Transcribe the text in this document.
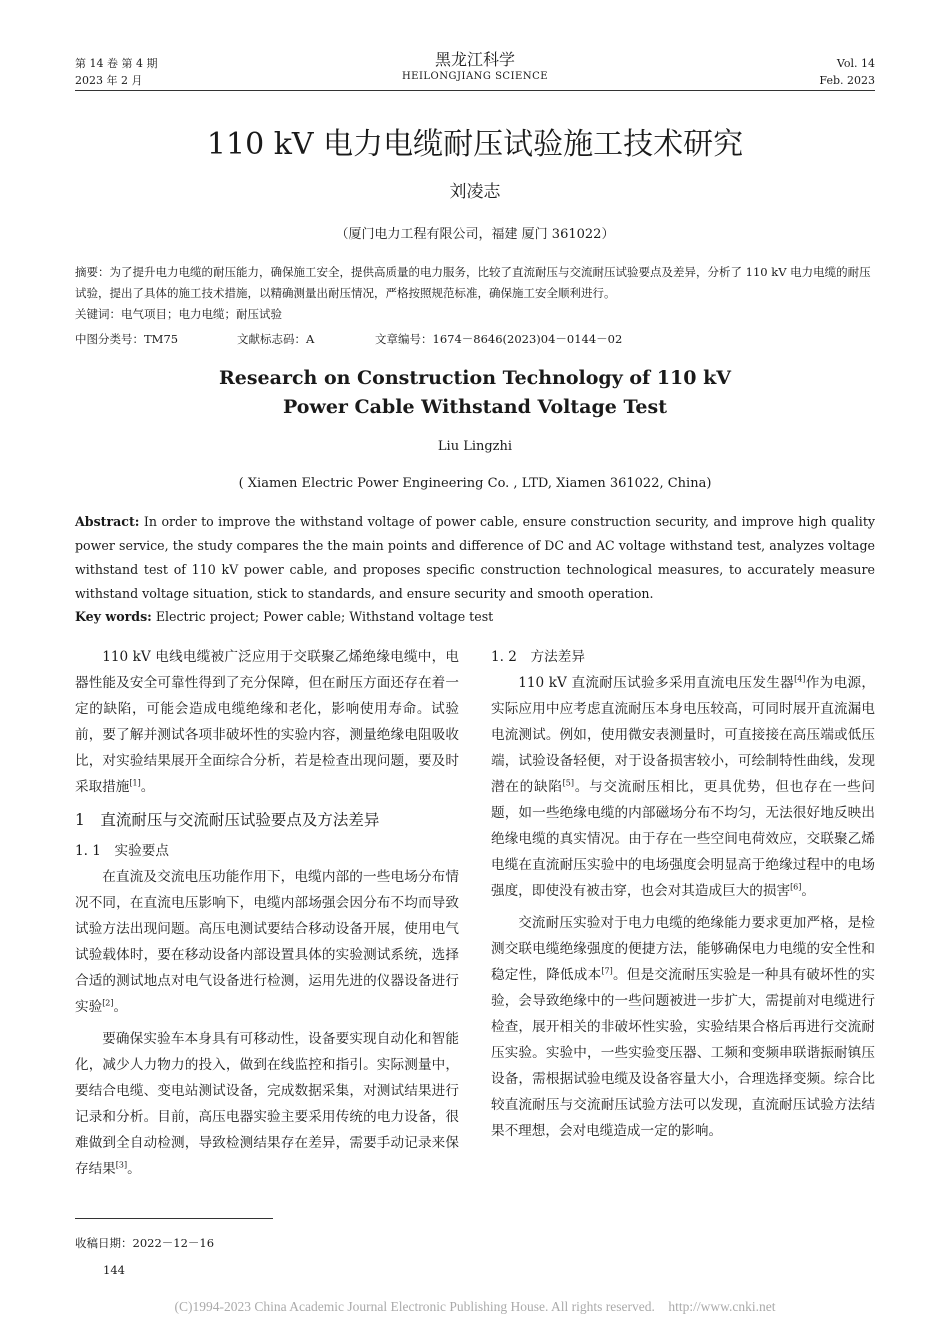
第 14 卷 第 4 期
2023 年 2 月
黑龙江科学
HEILONGJIANG SCIENCE
Vol. 14
Feb. 2023
110 kV 电力电缆耐压试验施工技术研究
刘凌志
（厦门电力工程有限公司，福建 厦门 361022）

摘要：为了提升电力电缆的耐压能力，确保施工安全，提供高质量的电力服务，比较了直流耐压与交流耐压试验要点及差异，分析了 110 kV 电力电缆的耐压试验，提出了具体的施工技术措施，以精确测量出耐压情况，严格按照规范标准，确保施工安全顺利进行。

关键词：电气项目；电力电缆；耐压试验

中图分类号：TM75	文献标志码：A	文章编号：1674－8646(2023)04－0144－02
Research on Construction Technology of 110 kV
Power Cable Withstand Voltage Test
Liu Lingzhi
( Xiamen Electric Power Engineering Co. , LTD, Xiamen 361022, China)
Abstract: In order to improve the withstand voltage of power cable, ensure construction security, and improve high quality power service, the study compares the the main points and difference of DC and AC voltage withstand test, analyzes voltage withstand test of 110 kV power cable, and proposes specific construction technological measures, to accurately measure withstand voltage situation, stick to standards, and ensure security and smooth operation.
Key words: Electric project; Power cable; Withstand voltage test

110 kV 电线电缆被广泛应用于交联聚乙烯绝缘电缆中，电器性能及安全可靠性得到了充分保障，但在耐压方面还存在着一定的缺陷，可能会造成电缆绝缘和老化，影响使用寿命。试验前，要了解并测试各项非破坏性的实验内容，测量绝缘电阻吸收比，对实验结果展开全面综合分析，若是检查出现问题，要及时采取措施[1]。

1　直流耐压与交流耐压试验要点及方法差异

1. 1　实验要点

在直流及交流电压功能作用下，电缆内部的一些电场分布情况不同，在直流电压影响下，电缆内部场强会因分布不均而导致试验方法出现问题。高压电测试要结合移动设备开展，使用电气试验载体时，要在移动设备内部设置具体的实验测试系统，选择合适的测试地点对电气设备进行检测，运用先进的仪器设备进行实验[2]。

要确保实验车本身具有可移动性，设备要实现自动化和智能化，减少人力物力的投入，做到在线监控和指引。实际测量中，要结合电缆、变电站测试设备，完成数据采集，对测试结果进行记录和分析。目前，高压电器实验主要采用传统的电力设备，很难做到全自动检测，导致检测结果存在差异，需要手动记录来保存结果[3]。

1. 2　方法差异

110 kV 直流耐压试验多采用直流电压发生器[4]作为电源，实际应用中应考虑直流耐压本身电压较高，可同时展开直流漏电电流测试。例如，使用微安表测量时，可直接接在高压端或低压端，试验设备轻便，对于设备损害较小，可绘制特性曲线，发现潜在的缺陷[5]。与交流耐压相比，更具优势，但也存在一些问题，如一些绝缘电缆的内部磁场分布不均匀，无法很好地反映出绝缘电缆的真实情况。由于存在一些空间电荷效应，交联聚乙烯电缆在直流耐压实验中的电场强度会明显高于绝缘过程中的电场强度，即使没有被击穿，也会对其造成巨大的损害[6]。

交流耐压实验对于电力电缆的绝缘能力要求更加严格，是检测交联电缆绝缘强度的便捷方法，能够确保电力电缆的安全性和稳定性，降低成本[7]。但是交流耐压实验是一种具有破坏性的实验，会导致绝缘中的一些问题被进一步扩大，需提前对电缆进行检查，展开相关的非破坏性实验，实验结果合格后再进行交流耐压实验。实验中，一些实验变压器、工频和变频串联谐振耐镇压设备，需根据试验电缆及设备容量大小，合理选择变频。综合比较直流耐压与交流耐压试验方法可以发现，直流耐压试验方法结果不理想，会对电缆造成一定的影响。

收稿日期：2022－12－16
144
(C)1994-2023 China Academic Journal Electronic Publishing House. All rights reserved.　http://www.cnki.net
